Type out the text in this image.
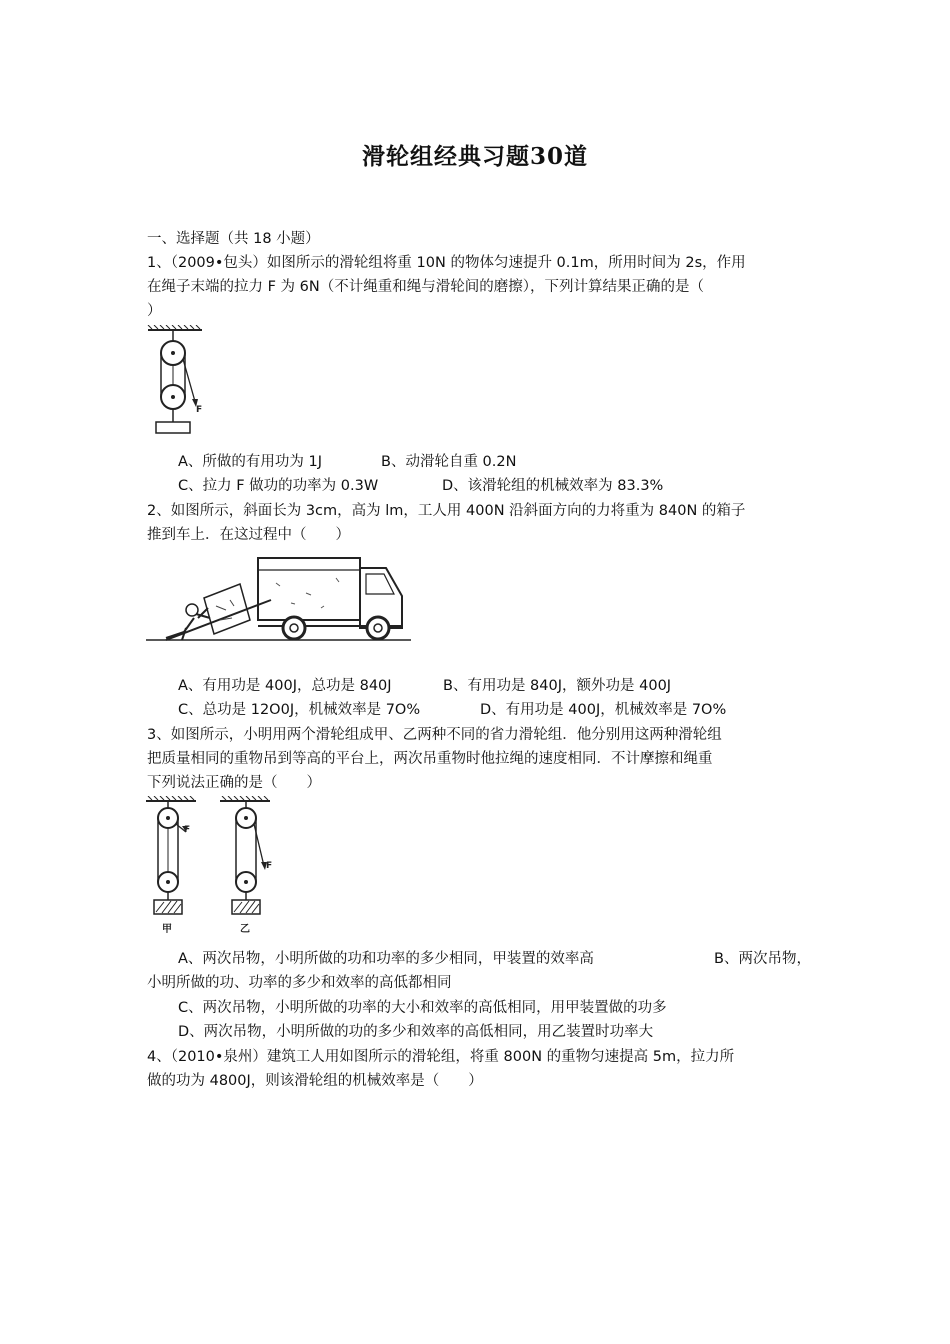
滑轮组经典习题30道
一、选择题（共 18 小题）
1、（2009•包头）如图所示的滑轮组将重 10N 的物体匀速提升 0.1m，所用时间为 2s，作用
在绳子末端的拉力 F 为 6N（不计绳重和绳与滑轮间的磨擦），下列计算结果正确的是（
）
F
A、所做的有用功为 1J	B、动滑轮自重 0.2N
C、拉力 F 做功的功率为 0.3W	D、该滑轮组的机械效率为 83.3%
2、如图所示，斜面长为 3cm，高为 lm，工人用 400N 沿斜面方向的力将重为 840N 的箱子
推到车上．在这过程中（　　）
A、有用功是 400J，总功是 840J	B、有用功是 840J，额外功是 400J
C、总功是 12O0J，机械效率是 7O%	D、有用功是 400J，机械效率是 7O%
3、如图所示，小明用两个滑轮组成甲、乙两种不同的省力滑轮组．他分别用这两种滑轮组
把质量相同的重物吊到等高的平台上，两次吊重物时他拉绳的速度相同．不计摩擦和绳重
下列说法正确的是（　　）
F
甲
F
乙
A、两次吊物，小明所做的功和功率的多少相同，甲装置的效率高	B、两次吊物，
小明所做的功、功率的多少和效率的高低都相同
C、两次吊物，小明所做的功率的大小和效率的高低相同，用甲装置做的功多
D、两次吊物，小明所做的功的多少和效率的高低相同，用乙装置时功率大
4、（2010•泉州）建筑工人用如图所示的滑轮组，将重 800N 的重物匀速提高 5m，拉力所
做的功为 4800J，则该滑轮组的机械效率是（　　）
